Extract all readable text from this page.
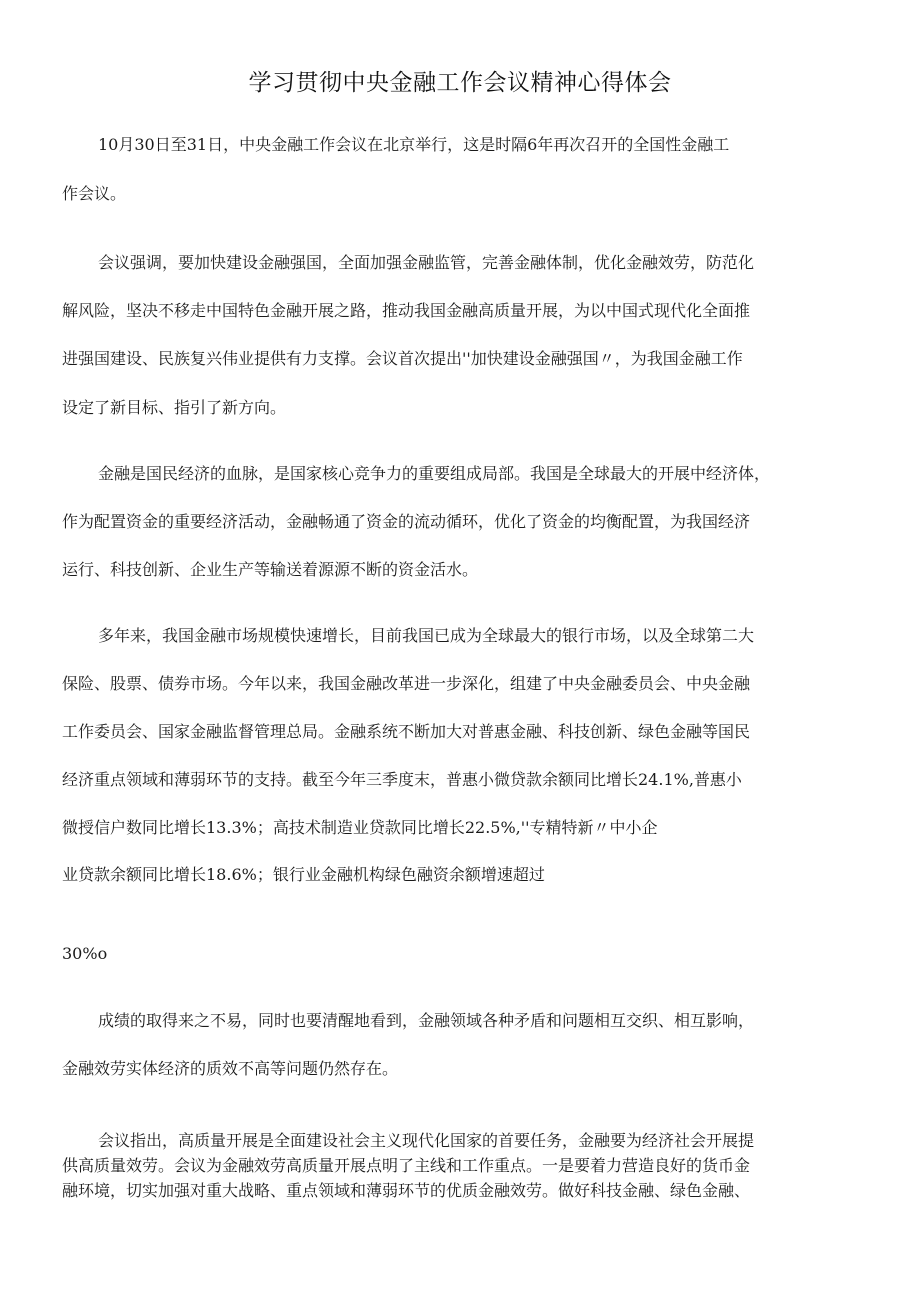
学习贯彻中央金融工作会议精神心得体会
10月30日至31日，中央金融工作会议在北京举行，这是时隔6年再次召开的全国性金融工
作会议。
会议强调，要加快建设金融强国，全面加强金融监管，完善金融体制，优化金融效劳，防范化
解风险，坚决不移走中国特色金融开展之路，推动我国金融高质量开展，为以中国式现代化全面推
进强国建设、民族复兴伟业提供有力支撑。会议首次提出''加快建设金融强国〃，为我国金融工作
设定了新目标、指引了新方向。
金融是国民经济的血脉，是国家核心竞争力的重要组成局部。我国是全球最大的开展中经济体，
作为配置资金的重要经济活动，金融畅通了资金的流动循环，优化了资金的均衡配置，为我国经济
运行、科技创新、企业生产等输送着源源不断的资金活水。
多年来，我国金融市场规模快速增长，目前我国已成为全球最大的银行市场，以及全球第二大
保险、股票、债券市场。今年以来，我国金融改革进一步深化，组建了中央金融委员会、中央金融
工作委员会、国家金融监督管理总局。金融系统不断加大对普惠金融、科技创新、绿色金融等国民
经济重点领域和薄弱环节的支持。截至今年三季度末，普惠小微贷款余额同比增长24.1%,普惠小
微授信户数同比增长13.3%；高技术制造业贷款同比增长22.5%,''专精特新〃中小企
业贷款余额同比增长18.6%；银行业金融机构绿色融资余额增速超过
30%o
成绩的取得来之不易，同时也要清醒地看到，金融领域各种矛盾和问题相互交织、相互影响，
金融效劳实体经济的质效不高等问题仍然存在。
会议指出，高质量开展是全面建设社会主义现代化国家的首要任务，金融要为经济社会开展提
供高质量效劳。会议为金融效劳高质量开展点明了主线和工作重点。一是要着力营造良好的货币金
融环境，切实加强对重大战略、重点领域和薄弱环节的优质金融效劳。做好科技金融、绿色金融、
